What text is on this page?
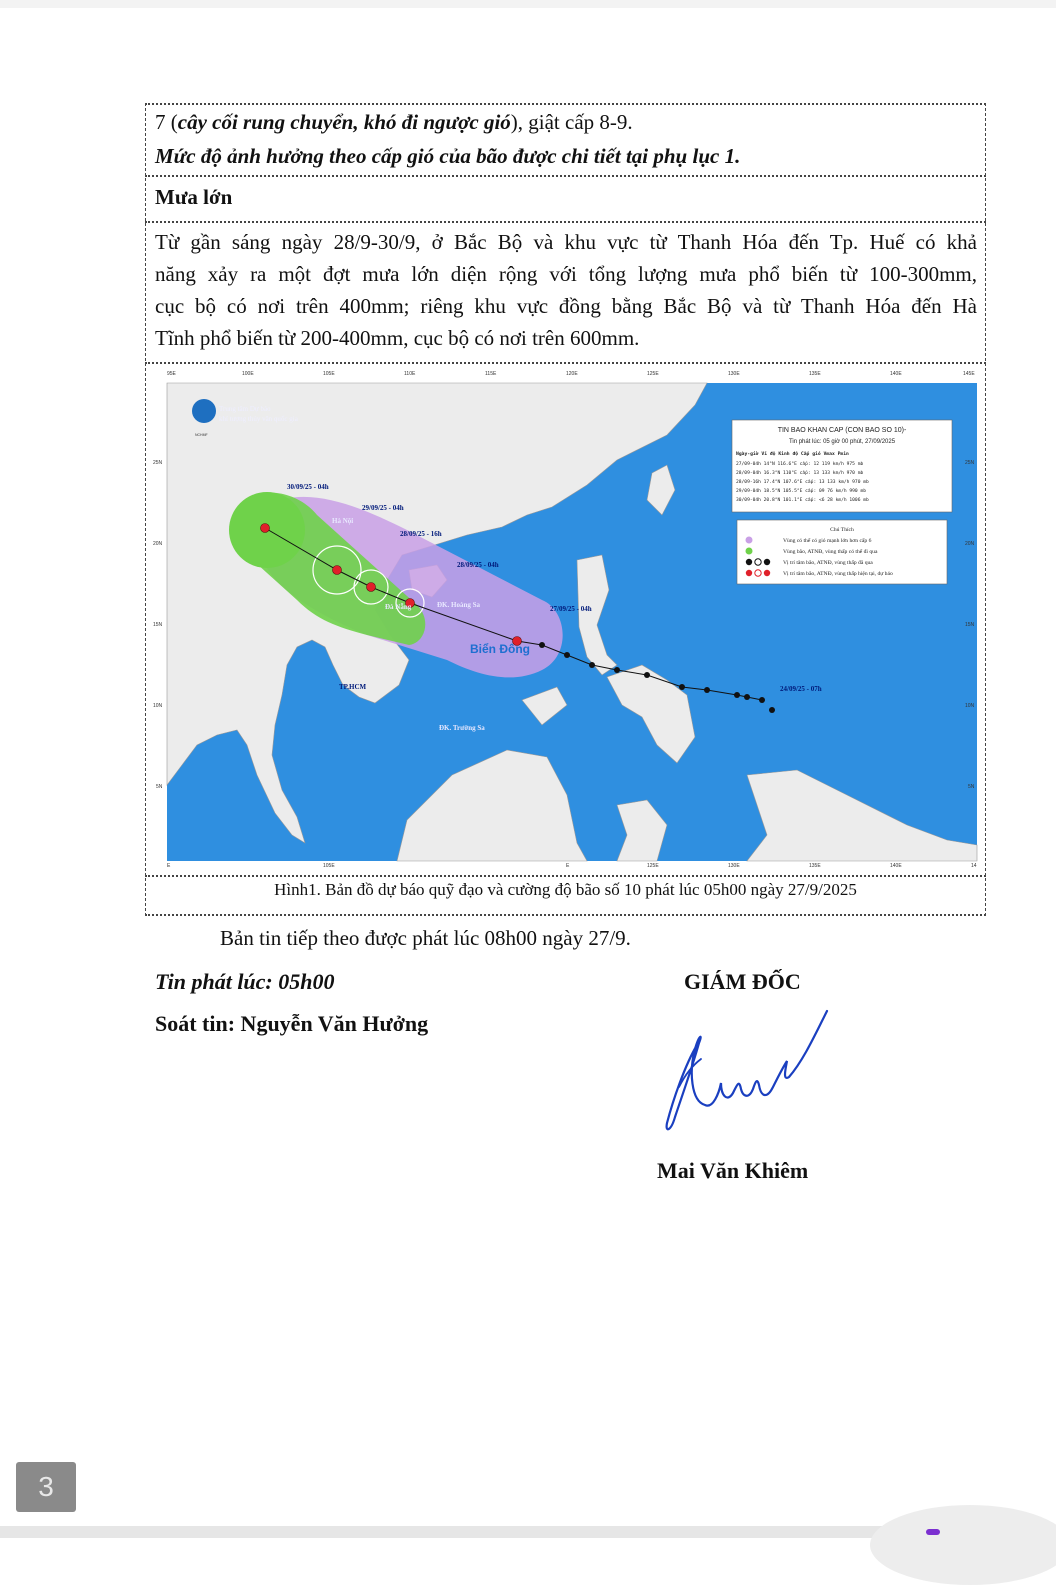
7 (cây cối rung chuyển, khó đi ngược gió), giật cấp 8-9.
Mức độ ảnh hưởng theo cấp gió của bão được chi tiết tại phụ lục 1.
Mưa lớn
Từ gần sáng ngày 28/9-30/9, ở Bắc Bộ và khu vực từ Thanh Hóa đến Tp. Huế có khả
năng xảy ra một đợt mưa lớn diện rộng với tổng lượng mưa phổ biến từ 100-300mm,
cục bộ có nơi trên 400mm; riêng khu vực đồng bằng Bắc Bộ và từ Thanh Hóa đến Hà
Tĩnh phổ biến từ 200-400mm, cục bộ có nơi trên 600mm.
95E	100E	105E	110E	115E	120E	125E	130E	135E	140E	145E
E	105E	E	125E	130E	135E	140E	14
25N
20N
15N
10N
5N
25N
20N
15N
10N
5N
NCHMF
Trung tâm Dự báo
khí tượng thủy văn quốc gia
30/09/25 - 04h
29/09/25 - 04h
28/09/25 - 16h
28/09/25 - 04h
27/09/25 - 04h
24/09/25 - 07h
Hà Nội
Đà Nẵng	ĐK. Hoàng Sa
ĐK. Trường Sa
TP.HCM
Biển Đông
TIN BAO KHAN CAP (CON BAO SO 10)-
Tin phát lúc: 05 giờ 00 phút, 27/09/2025
Ngày-giờ Vĩ độ Kinh độ Cấp gió Vmax Pmin
27/09-04h 14°N 116.6°E cấp: 12 119 km/h 975 mb
28/09-04h 16.3°N 110°E cấp: 13 133 km/h 970 mb
28/09-16h 17.4°N 107.6°E cấp: 13 133 km/h 970 mb
29/09-04h 18.5°N 105.5°E cấp: 09 76 km/h 990 mb
30/09-04h 20.8°N 101.1°E cấp: <6 28 km/h 1006 mb
Chú Thích
Vùng có thể có gió mạnh lớn hơn cấp 6
Vùng bão, ATNĐ, vùng thấp có thể đi qua
Vị trí tâm bão, ATNĐ, vùng thấp đã qua
Vị trí tâm bão, ATNĐ, vùng thấp hiện tại, dự báo
Hình1. Bản đồ dự báo quỹ đạo và cường độ bão số 10 phát lúc 05h00 ngày 27/9/2025
Bản tin tiếp theo được phát lúc 08h00 ngày 27/9.
Tin phát lúc: 05h00	GIÁM ĐỐC
Soát tin: Nguyễn Văn Hưởng
Mai Văn Khiêm
3
